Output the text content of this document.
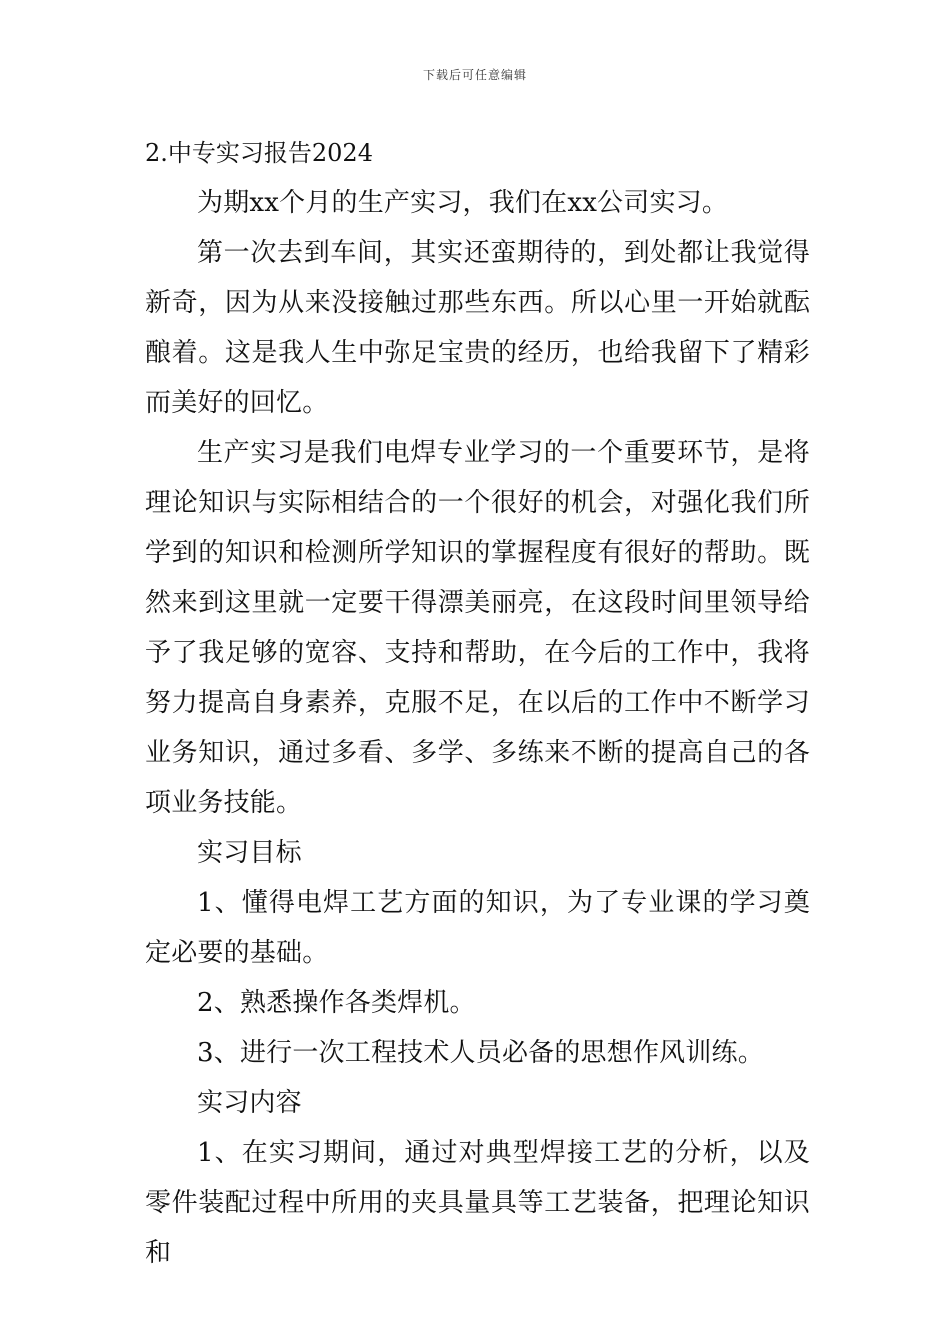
下载后可任意编辑
2.中专实习报告2024

为期xx个月的生产实习，我们在xx公司实习。

第一次去到车间，其实还蛮期待的，到处都让我觉得新奇，因为从来没接触过那些东西。所以心里一开始就酝酿着。这是我人生中弥足宝贵的经历，也给我留下了精彩而美好的回忆。

生产实习是我们电焊专业学习的一个重要环节，是将理论知识与实际相结合的一个很好的机会，对强化我们所学到的知识和检测所学知识的掌握程度有很好的帮助。既然来到这里就一定要干得漂美丽亮，在这段时间里领导给予了我足够的宽容、支持和帮助，在今后的工作中，我将努力提高自身素养，克服不足，在以后的工作中不断学习业务知识，通过多看、多学、多练来不断的提高自己的各项业务技能。

实习目标

1、懂得电焊工艺方面的知识，为了专业课的学习奠定必要的基础。

2、熟悉操作各类焊机。

3、进行一次工程技术人员必备的思想作风训练。

实习内容

1、在实习期间，通过对典型焊接工艺的分析，以及零件装配过程中所用的夹具量具等工艺装备，把理论知识和
